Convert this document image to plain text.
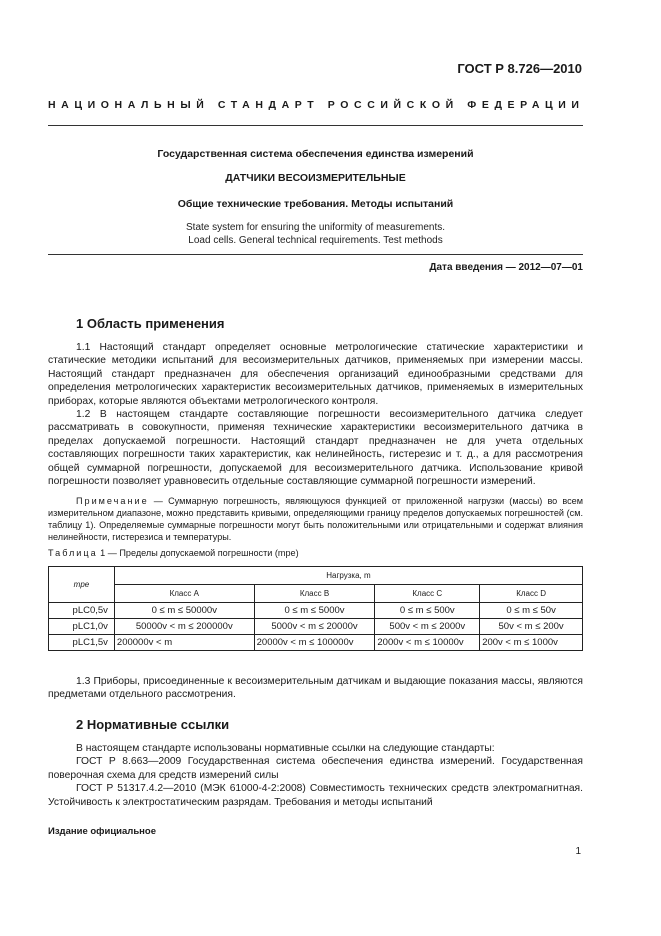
ГОСТ Р 8.726—2010
НАЦИОНАЛЬНЫЙ СТАНДАРТ РОССИЙСКОЙ ФЕДЕРАЦИИ
Государственная система обеспечения единства измерений
ДАТЧИКИ ВЕСОИЗМЕРИТЕЛЬНЫЕ
Общие технические требования. Методы испытаний
State system for ensuring the uniformity of measurements.
Load cells. General technical requirements. Test methods
Дата введения — 2012—07—01
1 Область применения

1.1 Настоящий стандарт определяет основные метрологические статические характеристики и статические методики испытаний для весоизмерительных датчиков, применяемых при измерении массы. Настоящий стандарт предназначен для обеспечения организаций единообразными средствами для определения метрологических характеристик весоизмерительных датчиков, применяемых в измерительных приборах, которые являются объектами метрологического контроля.

1.2 В настоящем стандарте составляющие погрешности весоизмерительного датчика следует рассматривать в совокупности, применяя технические характеристики весоизмерительного датчика в пределах допускаемой погрешности. Настоящий стандарт предназначен не для учета отдельных составляющих погрешности таких характеристик, как нелинейность, гистерезис и т. д., а для рассмотрения общей суммарной погрешности, допускаемой для весоизмерительного датчика. Использование кривой погрешности позволяет уравновесить отдельные составляющие суммарной погрешности измерений.

Примечание — Суммарную погрешность, являющуюся функцией от приложенной нагрузки (массы) во всем измерительном диапазоне, можно представить кривыми, определяющими границу пределов допускаемых погрешностей (см. таблицу 1). Определяемые суммарные погрешности могут быть положительными или отрицательными и содержат влияния нелинейности, гистерезиса и температуры.
Таблица 1 — Пределы допускаемой погрешности (mpe)
mpe	Нагрузка, m			
	Класс A	Класс B	Класс C	Класс D
pLC0,5v	0 ≤ m ≤ 50000v	0 ≤ m ≤ 5000v	0 ≤ m ≤ 500v	0 ≤ m ≤ 50v
pLC1,0v	50000v < m ≤ 200000v	5000v < m ≤ 20000v	500v < m ≤ 2000v	50v < m ≤ 200v
pLC1,5v	200000v < m	20000v < m ≤ 100000v	2000v < m ≤ 10000v	200v < m ≤ 1000v

1.3 Приборы, присоединенные к весоизмерительным датчикам и выдающие показания массы, являются предметами отдельного рассмотрения.

2 Нормативные ссылки

В настоящем стандарте использованы нормативные ссылки на следующие стандарты:

ГОСТ Р 8.663—2009 Государственная система обеспечения единства измерений. Государственная поверочная схема для средств измерений силы

ГОСТ Р 51317.4.2—2010 (МЭК 61000-4-2:2008) Совместимость технических средств электромагнитная. Устойчивость к электростатическим разрядам. Требования и методы испытаний

Издание официальное
1
